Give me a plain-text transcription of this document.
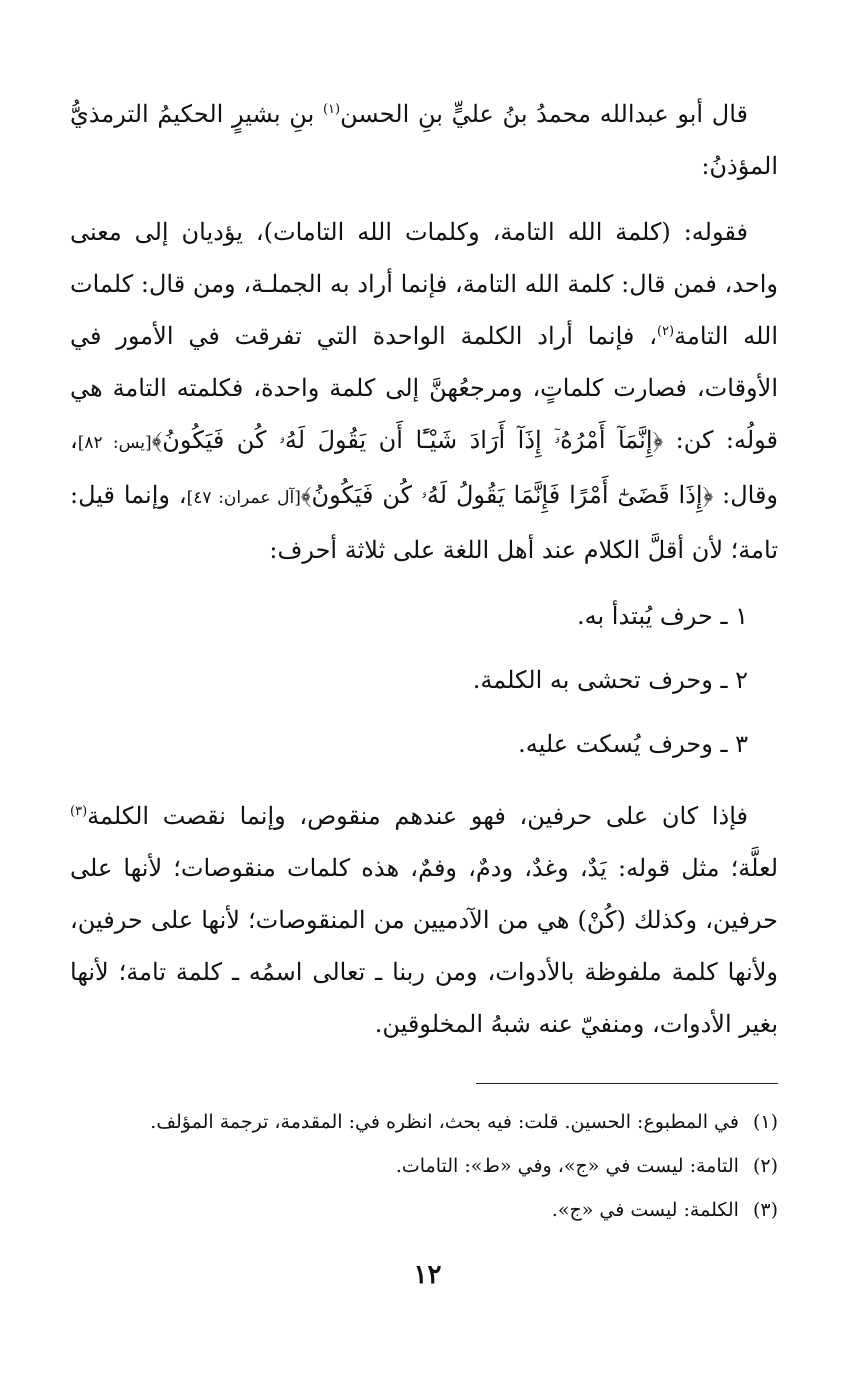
قال أبو عبدالله محمدُ بنُ عليٍّ بنِ الحسن$^{(١)}$ بنِ بشيرٍ الحكيمُ الترمذيُّ المؤذنُ:

فقوله: (كلمة الله التامة، وكلمات الله التامات)، يؤديان إلى معنى واحد، فمن قال: كلمة الله التامة، فإنما أراد به الجملـة، ومن قال: كلمات الله التامة$^{(٢)}$، فإنما أراد الكلمة الواحدة التي تفرقت في الأمور في الأوقات، فصارت كلماتٍ، ومرجعُهنَّ إلى كلمة واحدة، فكلمته التامة هي قولُه: كن: ﴿إِنَّمَآ أَمْرُهُۥٓ إِذَآ أَرَادَ شَيْـًٔا أَن يَقُولَ لَهُۥ كُن فَيَكُونُ﴾[يس: ٨٢]، وقال: ﴿إِذَا قَضَىٰٓ أَمْرًا فَإِنَّمَا يَقُولُ لَهُۥ كُن فَيَكُونُ﴾[آل عمران: ٤٧]، وإنما قيل: تامة؛ لأن أقلَّ الكلام عند أهل اللغة على ثلاثة أحرف:

١ ـ حرف يُبتدأ به.
٢ ـ وحرف تحشى به الكلمة.
٣ ـ وحرف يُسكت عليه.

فإذا كان على حرفين، فهو عندهم منقوص، وإنما نقصت الكلمة$^{(٣)}$ لعلَّة؛ مثل قوله: يَدٌ، وغدٌ، ودمٌ، وفمٌ، هذه كلمات منقوصات؛ لأنها على حرفين، وكذلك (كُنْ) هي من الآدميين من المنقوصات؛ لأنها على حرفين، ولأنها كلمة ملفوظة بالأدوات، ومن ربنا ـ تعالى اسمُه ـ كلمة تامة؛ لأنها بغير الأدوات، ومنفيّ عنه شبهُ المخلوقين.

(١)في المطبوع: الحسين. قلت: فيه بحث، انظره في: المقدمة، ترجمة المؤلف.
(٢)التامة: ليست في «ج»، وفي «ط»: التامات.
(٣)الكلمة: ليست في «ج».
١٢
